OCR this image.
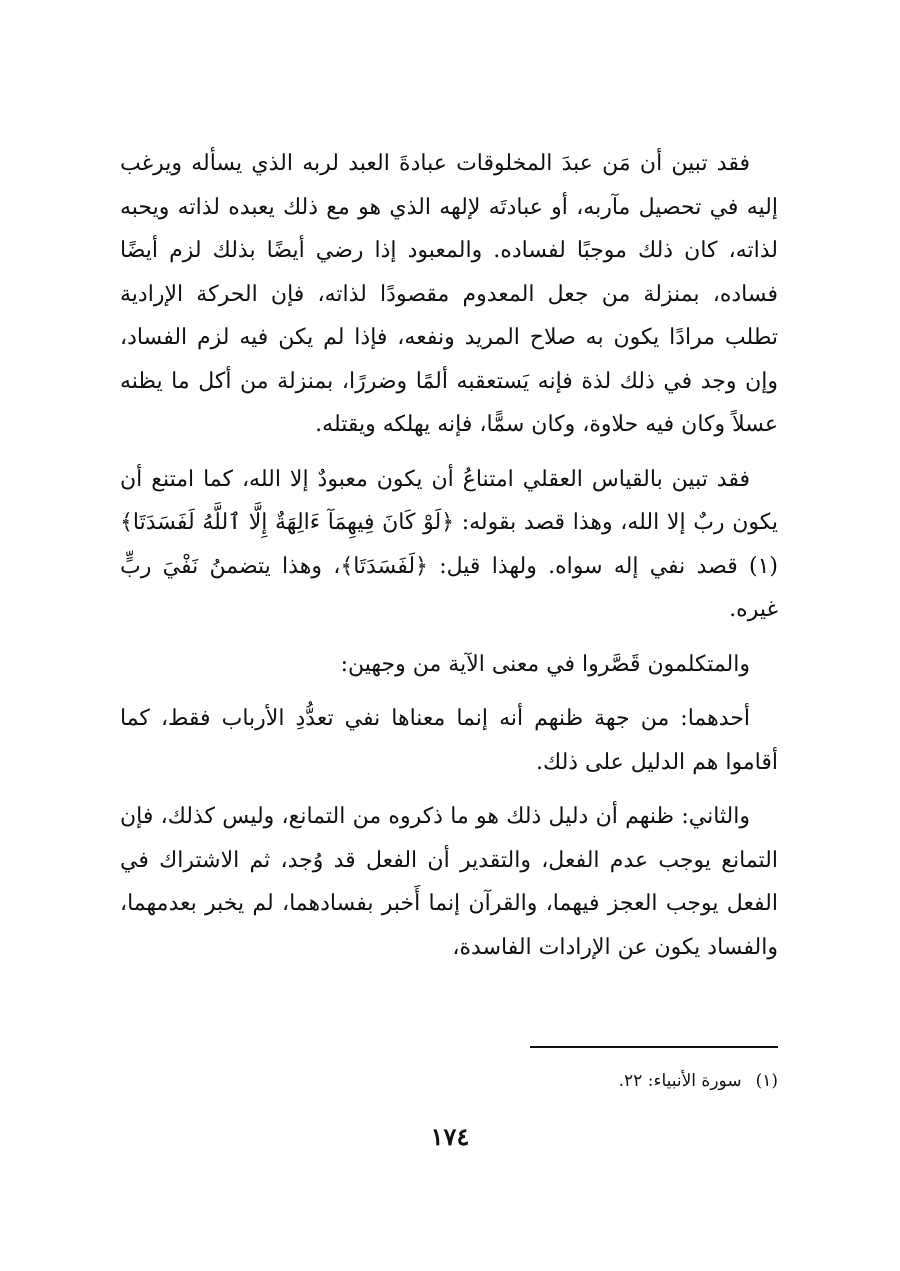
فقد تبين أن مَن عبدَ المخلوقات عبادةَ العبد لربه الذي يسأله ويرغب إليه في تحصيل مآربه، أو عبادتَه لإلهه الذي هو مع ذلك يعبده لذاته ويحبه لذاته، كان ذلك موجبًا لفساده. والمعبود إذا رضي أيضًا بذلك لزم أيضًا فساده، بمنزلة من جعل المعدوم مقصودًا لذاته، فإن الحركة الإرادية تطلب مرادًا يكون به صلاح المريد ونفعه، فإذا لم يكن فيه لزم الفساد، وإن وجد في ذلك لذة فإنه يَستعقبه ألمًا وضررًا، بمنزلة من أكل ما يظنه عسلاً وكان فيه حلاوة، وكان سمًّا، فإنه يهلكه ويقتله.

فقد تبين بالقياس العقلي امتناعُ أن يكون معبودٌ إلا الله، كما امتنع أن يكون ربٌ إلا الله، وهذا قصد بقوله: ﴿لَوْ كَانَ فِيهِمَآ ءَالِهَةٌ إِلَّا ٱللَّهُ لَفَسَدَتَا﴾(١) قصد نفي إله سواه. ولهذا قيل: ﴿لَفَسَدَتَا﴾، وهذا يتضمنُ نَفْيَ ربٍّ غيره.

والمتكلمون قَصَّروا في معنى الآية من وجهين:

أحدهما: من جهة ظنهم أنه إنما معناها نفي تعدُّدِ الأرباب فقط، كما أقاموا هم الدليل على ذلك.

والثاني: ظنهم أن دليل ذلك هو ما ذكروه من التمانع، وليس كذلك، فإن التمانع يوجب عدم الفعل، والتقدير أن الفعل قد وُجد، ثم الاشتراك في الفعل يوجب العجز فيهما، والقرآن إنما أَخبر بفسادهما، لم يخبر بعدمهما، والفساد يكون عن الإرادات الفاسدة،

(١)سورة الأنبياء: ٢٢.
١٧٤
